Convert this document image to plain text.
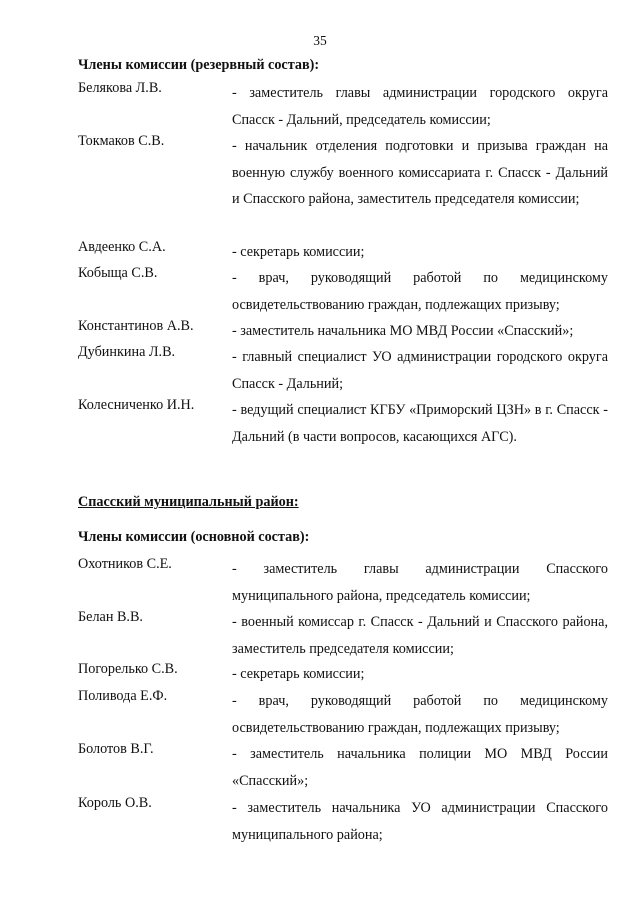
35
Члены комиссии (резервный состав):
Белякова Л.В.	- заместитель главы администрации городского округа Спасск - Дальний, председатель комиссии;
Токмаков С.В.	- начальник отделения подготовки и призыва граждан на военную службу военного комиссариата г. Спасск - Дальний и Спасского района, заместитель председателя комиссии;
Авдеенко С.А.	- секретарь комиссии;
Кобыща С.В.	- врач, руководящий работой по медицинскому освидетельствованию граждан, подлежащих призыву;
Константинов А.В.	- заместитель начальника МО МВД России «Спасский»;
Дубинкина Л.В.	- главный специалист УО администрации городского округа Спасск - Дальний;
Колесниченко И.Н.	- ведущий специалист КГБУ «Приморский ЦЗН» в г. Спасск - Дальний (в части вопросов, касающихся АГС).
Спасский муниципальный район:
Члены комиссии (основной состав):
Охотников С.Е.	- заместитель главы администрации Спасского муниципального района, председатель комиссии;
Белан В.В.	- военный комиссар г. Спасск - Дальний и Спасского района, заместитель председателя комиссии;
Погорелько С.В.	- секретарь комиссии;
Поливода Е.Ф.	- врач, руководящий работой по медицинскому освидетельствованию граждан, подлежащих призыву;
Болотов В.Г.	- заместитель начальника полиции МО МВД России «Спасский»;
Король О.В.	- заместитель начальника УО администрации Спасского муниципального района;
